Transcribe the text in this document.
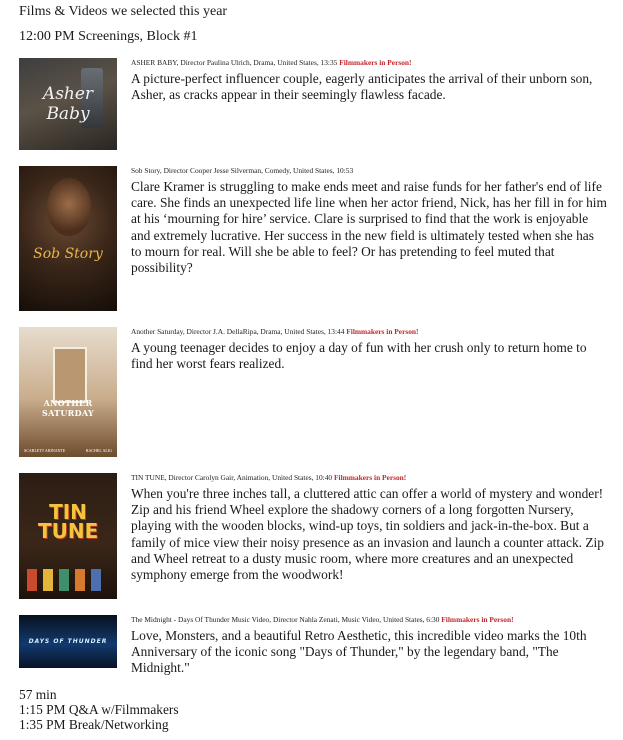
Films & Videos we selected this year
12:00 PM Screenings, Block #1
Asher Baby
ASHER BABY, Director Paulina Ulrich, Drama, United States, 13:35 Filmmakers in Person!
A picture-perfect influencer couple, eagerly anticipates the arrival of their unborn son, Asher, as cracks appear in their seemingly flawless facade.
Sob Story
Sob Story, Director Cooper Jesse Silverman, Comedy, United States, 10:53
Clare Kramer is struggling to make ends meet and raise funds for her father's end of life care. She finds an unexpected life line when her actor friend, Nick, has her fill in for him at his ‘mourning for hire’ service. Clare is surprised to find that the work is enjoyable and extremely lucrative. Her success in the new field is ultimately tested when she has to mourn for real. Will she be able to feel? Or has pretending to feel muted that possibility?
ANOTHER SATURDAY
SCARLETT ABINANTE	RACHEL ALIG
Another Saturday, Director J.A. DellaRipa, Drama, United States, 13:44 Filmmakers in Person!
A young teenager decides to enjoy a day of fun with her crush only to return home to find her worst fears realized.
TIN TUNE
TIN TUNE, Director Carolyn Gair, Animation, United States, 10:40 Filmmakers in Person!
When you're three inches tall, a cluttered attic can offer a world of mystery and wonder! Zip and his friend Wheel explore the shadowy corners of a long forgotten Nursery, playing with the wooden blocks, wind-up toys, tin soldiers and jack-in-the-box. But a family of mice view their noisy presence as an invasion and launch a counter attack. Zip and Wheel retreat to a dusty music room, where more creatures and an unexpected symphony emerge from the woodwork!
DAYS OF THUNDER
The Midnight - Days Of Thunder Music Video, Director Nahla Zenati, Music Video, United States, 6:30 Filmmakers in Person!
Love, Monsters, and a beautiful Retro Aesthetic, this incredible video marks the 10th Anniversary of the iconic song "Days of Thunder," by the legendary band, "The Midnight."
57 min
1:15 PM Q&A w/Filmmakers
1:35 PM Break/Networking
